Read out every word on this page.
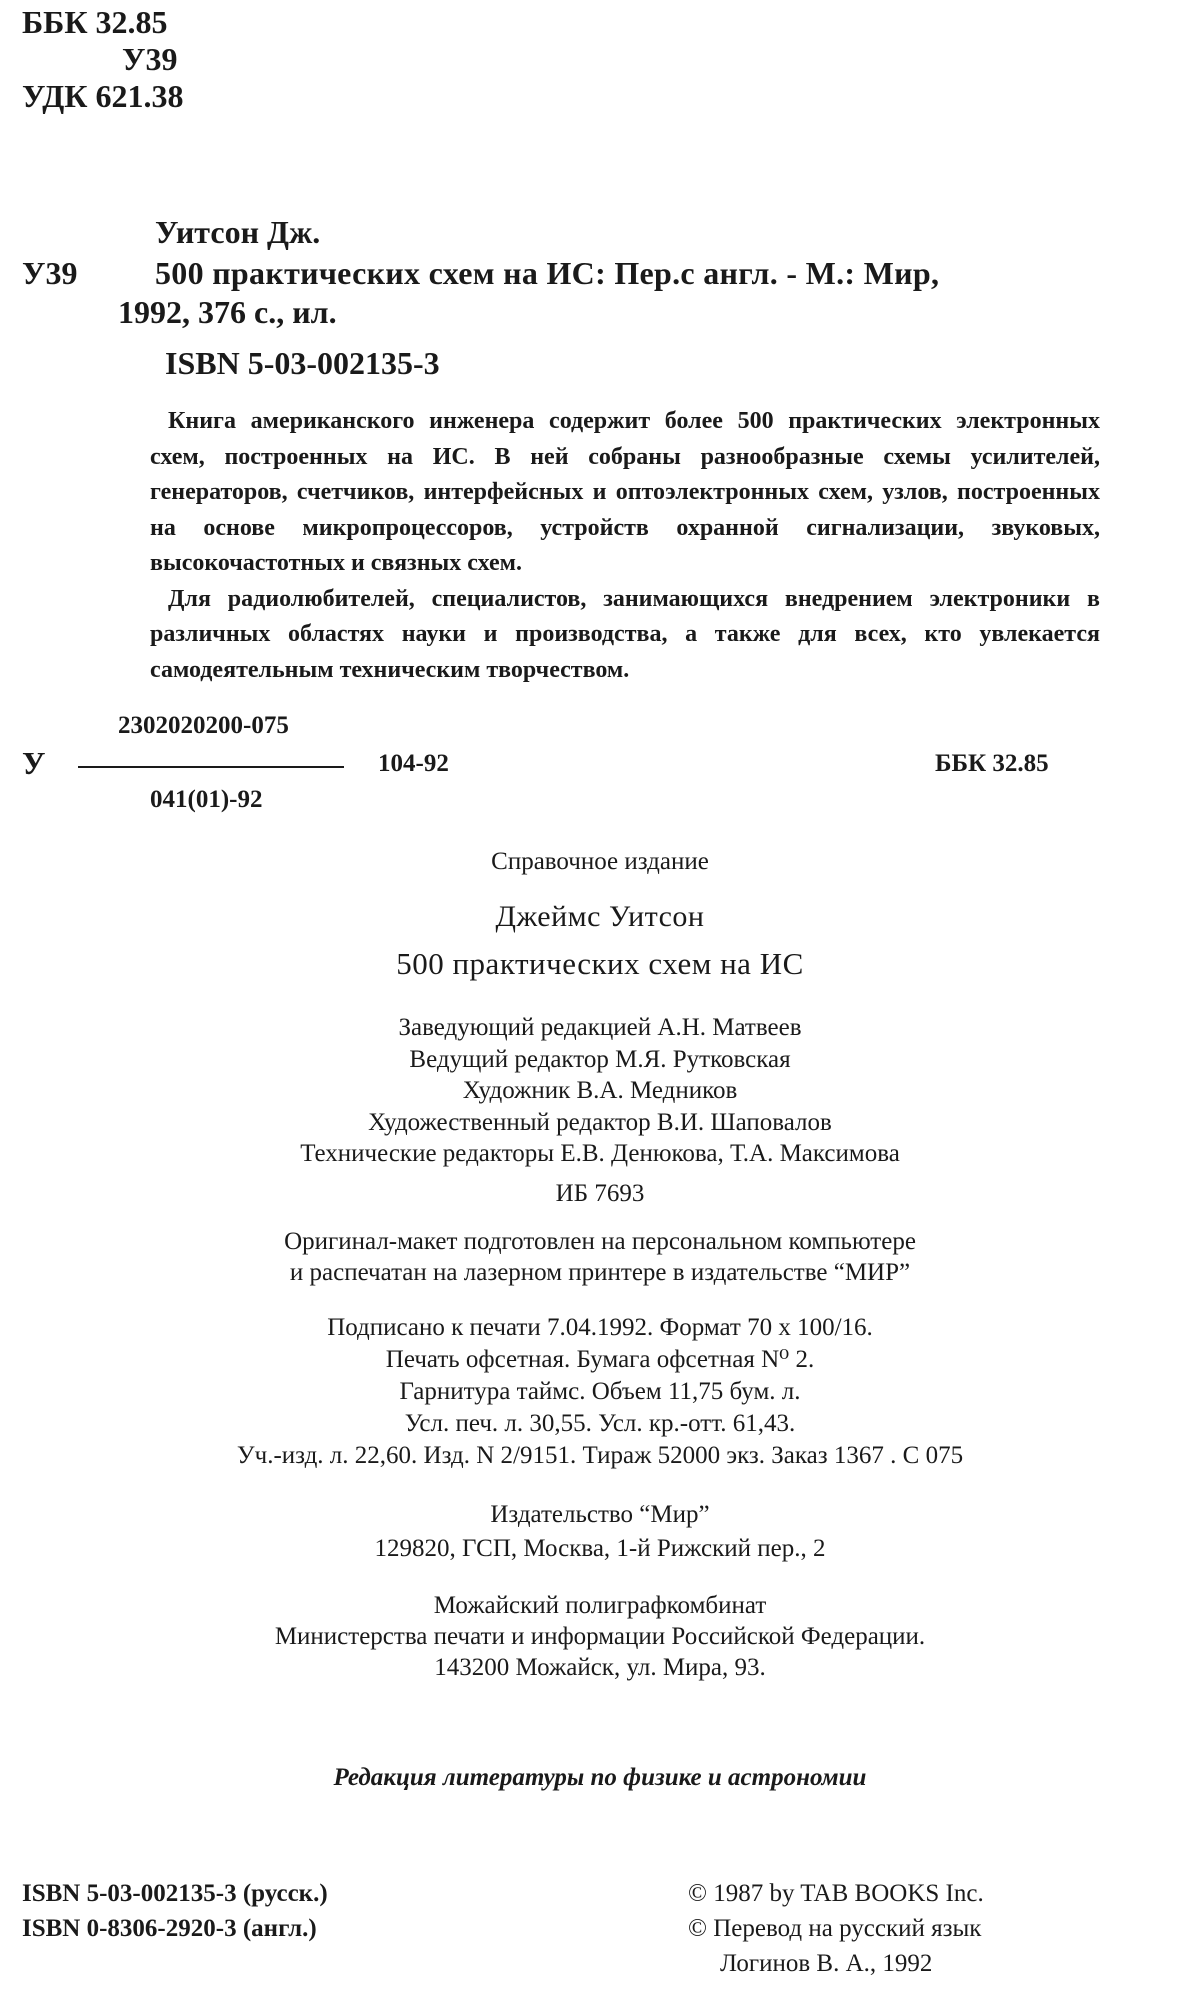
ББК 32.85
У39
УДК 621.38
Уитсон Дж.
У39 500 практических схем на ИС: Пер.с англ. - М.: Мир,
1992, 376 с., ил.
ISBN 5-03-002135-3

Книга американского инженера содержит более 500 практических электронных схем, построенных на ИС. В ней собраны разнообразные схемы усилителей, генераторов, счетчиков, интерфейсных и оптоэлектронных схем, узлов, построенных на основе микропроцессоров, устройств охранной сигнализации, звуковых, высокочастотных и связных схем.

Для радиолюбителей, специалистов, занимающихся внедрением электроники в различных областях науки и производства, а также для всех, кто увлекается самодеятельным техническим творчеством.

2302020200-075
У	104-92	ББК 32.85
041(01)-92
Справочное издание
Джеймс Уитсон
500 практических схем на ИС
Заведующий редакцией А.Н. Матвеев
Ведущий редактор М.Я. Рутковская
Художник В.А. Медников
Художественный редактор В.И. Шаповалов
Технические редакторы Е.В. Денюкова, Т.А. Максимова
ИБ 7693
Оригинал-макет подготовлен на персональном компьютере
и распечатан на лазерном принтере в издательстве “МИР”
Подписано к печати 7.04.1992. Формат 70 х 100/16.
Печать офсетная. Бумага офсетная N⁰ 2.
Гарнитура таймс. Объем 11,75 бум. л.
Усл. печ. л. 30,55. Усл. кр.-отт. 61,43.
Уч.-изд. л. 22,60. Изд. N 2/9151. Тираж 52000 экз. Заказ 1367 . С 075
Издательство “Мир”
129820, ГСП, Москва, 1-й Рижский пер., 2
Можайский полиграфкомбинат
Министерства печати и информации Российской Федерации.
143200 Можайск, ул. Мира, 93.
Редакция литературы по физике и астрономии
ISBN 5-03-002135-3 (русск.)
ISBN 0-8306-2920-3 (англ.)
© 1987 by TAB BOOKS Inc.
© Перевод на русский язык
Логинов В. А., 1992
